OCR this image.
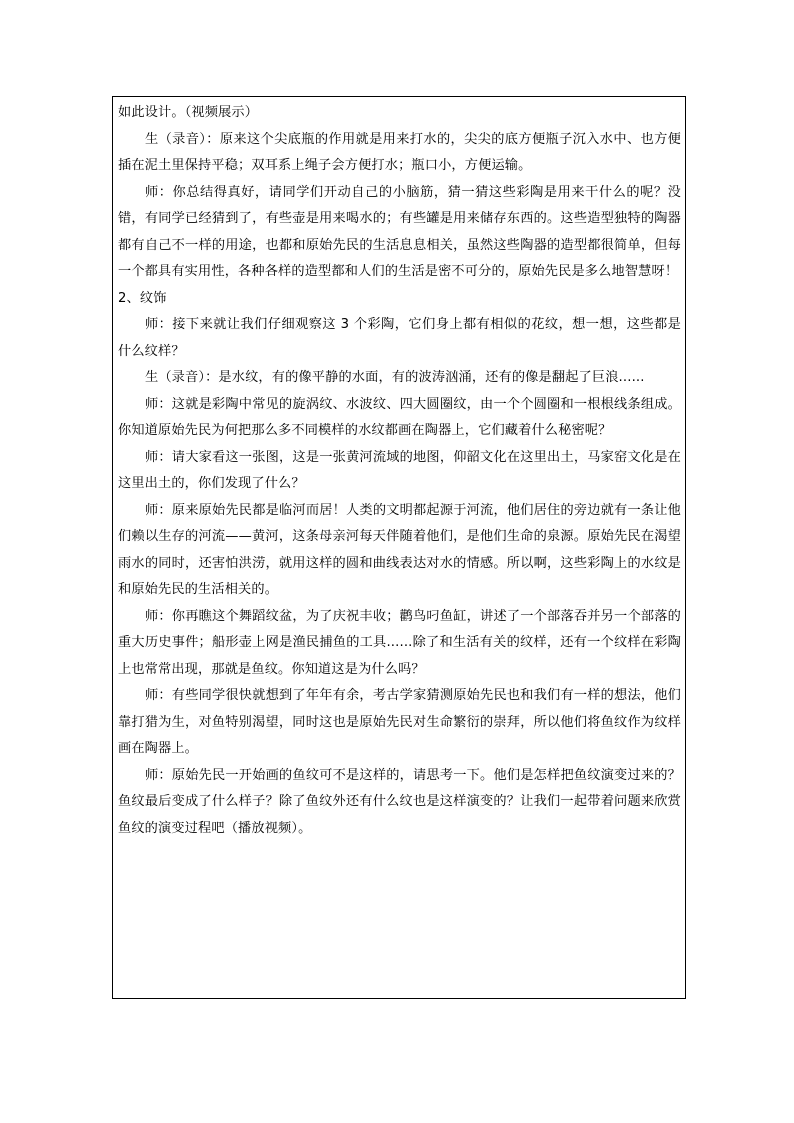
如此设计。（视频展示）

生（录音）：原来这个尖底瓶的作用就是用来打水的，尖尖的底方便瓶子沉入水中、也方便插在泥土里保持平稳；双耳系上绳子会方便打水；瓶口小，方便运输。

师：你总结得真好，请同学们开动自己的小脑筋，猜一猜这些彩陶是用来干什么的呢？没错，有同学已经猜到了，有些壶是用来喝水的；有些罐是用来储存东西的。这些造型独特的陶器都有自己不一样的用途，也都和原始先民的生活息息相关，虽然这些陶器的造型都很简单，但每一个都具有实用性，各种各样的造型都和人们的生活是密不可分的，原始先民是多么地智慧呀！

2、纹饰

师：接下来就让我们仔细观察这 3 个彩陶，它们身上都有相似的花纹，想一想，这些都是什么纹样？

生（录音）：是水纹，有的像平静的水面，有的波涛汹涌，还有的像是翻起了巨浪......

师：这就是彩陶中常见的旋涡纹、水波纹、四大圆圈纹，由一个个圆圈和一根根线条组成。你知道原始先民为何把那么多不同模样的水纹都画在陶器上，它们藏着什么秘密呢？

师：请大家看这一张图，这是一张黄河流域的地图，仰韶文化在这里出土，马家窑文化是在这里出土的，你们发现了什么？

师：原来原始先民都是临河而居！人类的文明都起源于河流，他们居住的旁边就有一条让他们赖以生存的河流——黄河，这条母亲河每天伴随着他们，是他们生命的泉源。原始先民在渴望雨水的同时，还害怕洪涝，就用这样的圆和曲线表达对水的情感。所以啊，这些彩陶上的水纹是和原始先民的生活相关的。

师：你再瞧这个舞蹈纹盆，为了庆祝丰收；鹳鸟叼鱼缸，讲述了一个部落吞并另一个部落的重大历史事件；船形壶上网是渔民捕鱼的工具......除了和生活有关的纹样，还有一个纹样在彩陶上也常常出现，那就是鱼纹。你知道这是为什么吗？

师：有些同学很快就想到了年年有余，考古学家猜测原始先民也和我们有一样的想法，他们靠打猎为生，对鱼特别渴望，同时这也是原始先民对生命繁衍的崇拜，所以他们将鱼纹作为纹样画在陶器上。

师：原始先民一开始画的鱼纹可不是这样的，请思考一下。他们是怎样把鱼纹演变过来的？鱼纹最后变成了什么样子？除了鱼纹外还有什么纹也是这样演变的？让我们一起带着问题来欣赏鱼纹的演变过程吧（播放视频）。
